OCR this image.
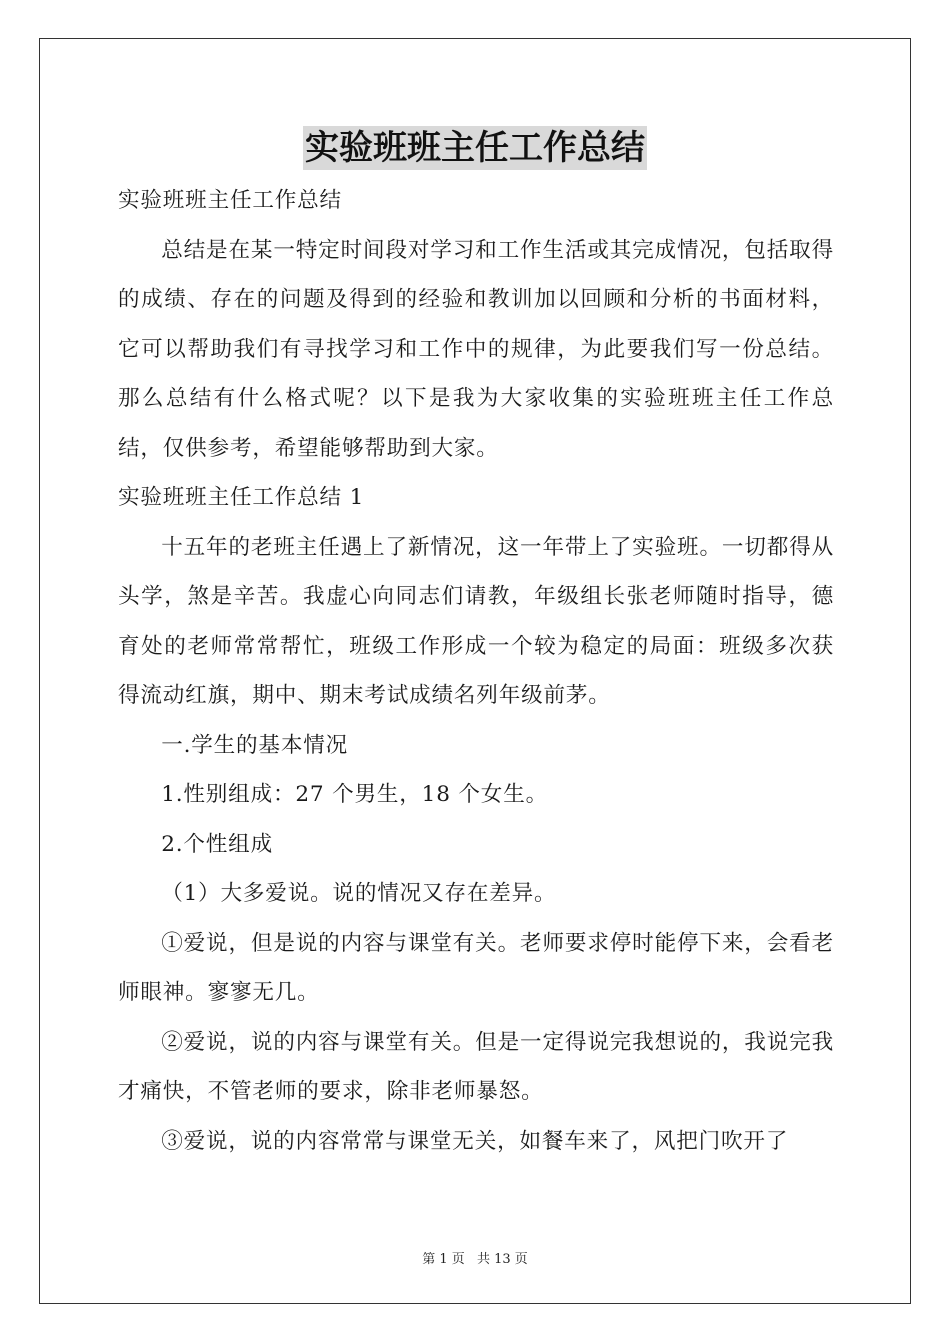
实验班班主任工作总结

实验班班主任工作总结

总结是在某一特定时间段对学习和工作生活或其完成情况，包括取得的成绩、存在的问题及得到的经验和教训加以回顾和分析的书面材料，它可以帮助我们有寻找学习和工作中的规律，为此要我们写一份总结。那么总结有什么格式呢？以下是我为大家收集的实验班班主任工作总结，仅供参考，希望能够帮助到大家。

实验班班主任工作总结 1

十五年的老班主任遇上了新情况，这一年带上了实验班。一切都得从头学，煞是辛苦。我虚心向同志们请教，年级组长张老师随时指导，德育处的老师常常帮忙，班级工作形成一个较为稳定的局面：班级多次获得流动红旗，期中、期末考试成绩名列年级前茅。

一.学生的基本情况

1.性别组成：27 个男生，18 个女生。

2.个性组成

（1）大多爱说。说的情况又存在差异。

①爱说，但是说的内容与课堂有关。老师要求停时能停下来，会看老师眼神。寥寥无几。

②爱说，说的内容与课堂有关。但是一定得说完我想说的，我说完我才痛快，不管老师的要求，除非老师暴怒。

③爱说，说的内容常常与课堂无关，如餐车来了，风把门吹开了

第 1 页 共 13 页
